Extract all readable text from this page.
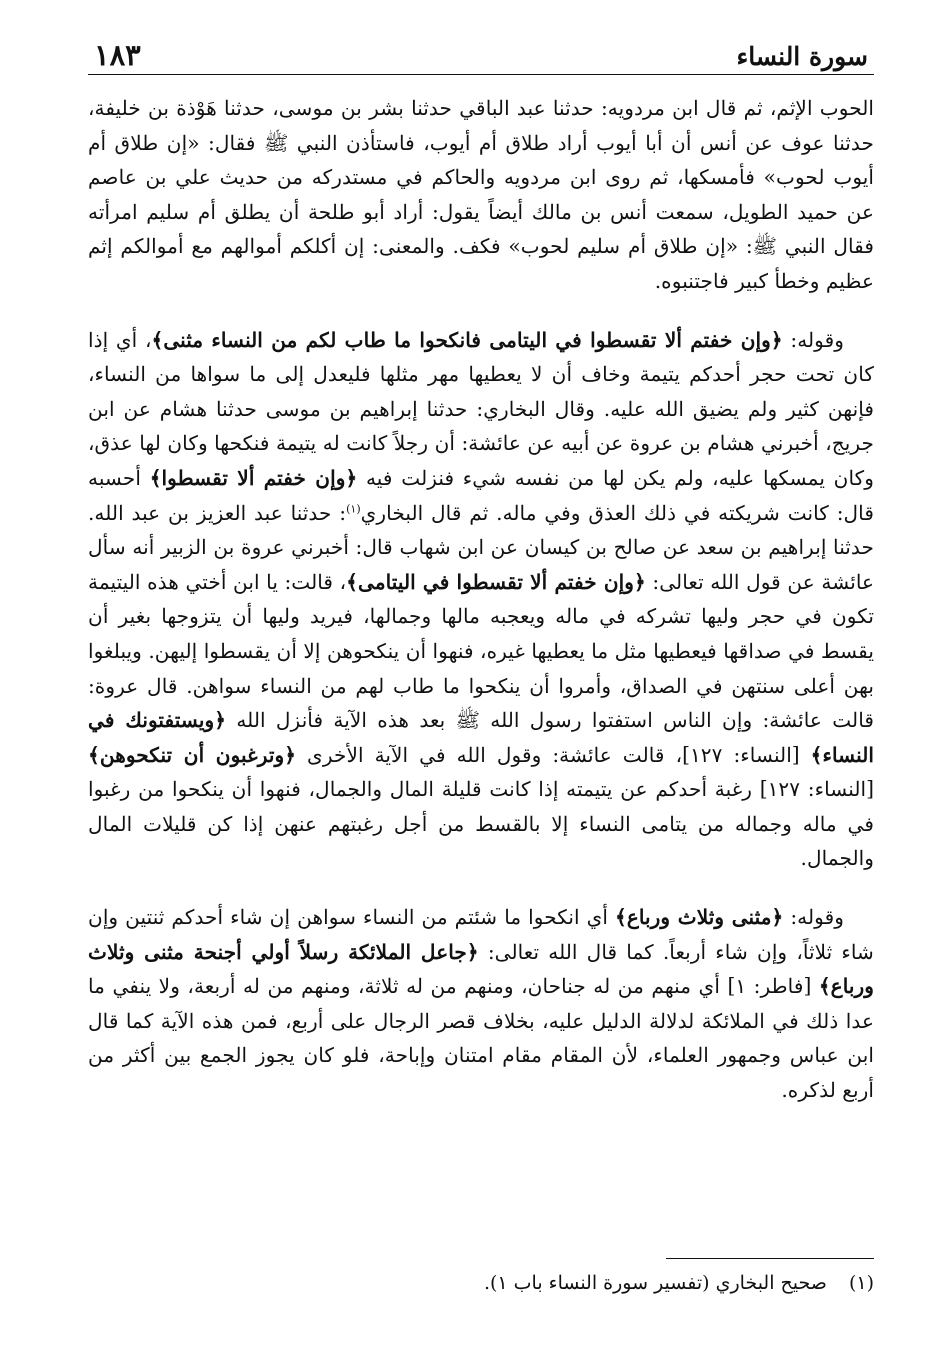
سورة النساء
١٨٣

الحوب الإثم، ثم قال ابن مردويه: حدثنا عبد الباقي حدثنا بشر بن موسى، حدثنا هَوْذة بن خليفة، حدثنا عوف عن أنس أن أبا أيوب أراد طلاق أم أيوب، فاستأذن النبي ﷺ فقال: «إن طلاق أم أيوب لحوب» فأمسكها، ثم روى ابن مردويه والحاكم في مستدركه من حديث علي بن عاصم عن حميد الطويل، سمعت أنس بن مالك أيضاً يقول: أراد أبو طلحة أن يطلق أم سليم امرأته فقال النبي ﷺ: «إن طلاق أم سليم لحوب» فكف. والمعنى: إن أكلكم أموالهم مع أموالكم إثم عظيم وخطأ كبير فاجتنبوه.

وقوله: ﴿وإن خفتم ألا تقسطوا في اليتامى فانكحوا ما طاب لكم من النساء مثنى﴾، أي إذا كان تحت حجر أحدكم يتيمة وخاف أن لا يعطيها مهر مثلها فليعدل إلى ما سواها من النساء، فإنهن كثير ولم يضيق الله عليه. وقال البخاري: حدثنا إبراهيم بن موسى حدثنا هشام عن ابن جريج، أخبرني هشام بن عروة عن أبيه عن عائشة: أن رجلاً كانت له يتيمة فنكحها وكان لها عذق، وكان يمسكها عليه، ولم يكن لها من نفسه شيء فنزلت فيه ﴿وإن خفتم ألا تقسطوا﴾ أحسبه قال: كانت شريكته في ذلك العذق وفي ماله. ثم قال البخاري$^{(١)}$: حدثنا عبد العزيز بن عبد الله. حدثنا إبراهيم بن سعد عن صالح بن كيسان عن ابن شهاب قال: أخبرني عروة بن الزبير أنه سأل عائشة عن قول الله تعالى: ﴿وإن خفتم ألا تقسطوا في اليتامى﴾، قالت: يا ابن أختي هذه اليتيمة تكون في حجر وليها تشركه في ماله ويعجبه مالها وجمالها، فيريد وليها أن يتزوجها بغير أن يقسط في صداقها فيعطيها مثل ما يعطيها غيره، فنهوا أن ينكحوهن إلا أن يقسطوا إليهن. ويبلغوا بهن أعلى سنتهن في الصداق، وأمروا أن ينكحوا ما طاب لهم من النساء سواهن. قال عروة: قالت عائشة: وإن الناس استفتوا رسول الله ﷺ بعد هذه الآية فأنزل الله ﴿ويستفتونك في النساء﴾ [النساء: ١٢٧]، قالت عائشة: وقول الله في الآية الأخرى ﴿وترغبون أن تنكحوهن﴾ [النساء: ١٢٧] رغبة أحدكم عن يتيمته إذا كانت قليلة المال والجمال، فنهوا أن ينكحوا من رغبوا في ماله وجماله من يتامى النساء إلا بالقسط من أجل رغبتهم عنهن إذا كن قليلات المال والجمال.

وقوله: ﴿مثنى وثلاث ورباع﴾ أي انكحوا ما شئتم من النساء سواهن إن شاء أحدكم ثنتين وإن شاء ثلاثاً، وإن شاء أربعاً. كما قال الله تعالى: ﴿جاعل الملائكة رسلاً أولي أجنحة مثنى وثلاث ورباع﴾ [فاطر: ١] أي منهم من له جناحان، ومنهم من له ثلاثة، ومنهم من له أربعة، ولا ينفي ما عدا ذلك في الملائكة لدلالة الدليل عليه، بخلاف قصر الرجال على أربع، فمن هذه الآية كما قال ابن عباس وجمهور العلماء، لأن المقام مقام امتنان وإباحة، فلو كان يجوز الجمع بين أكثر من أربع لذكره.

(١)صحيح البخاري (تفسير سورة النساء باب ١).
